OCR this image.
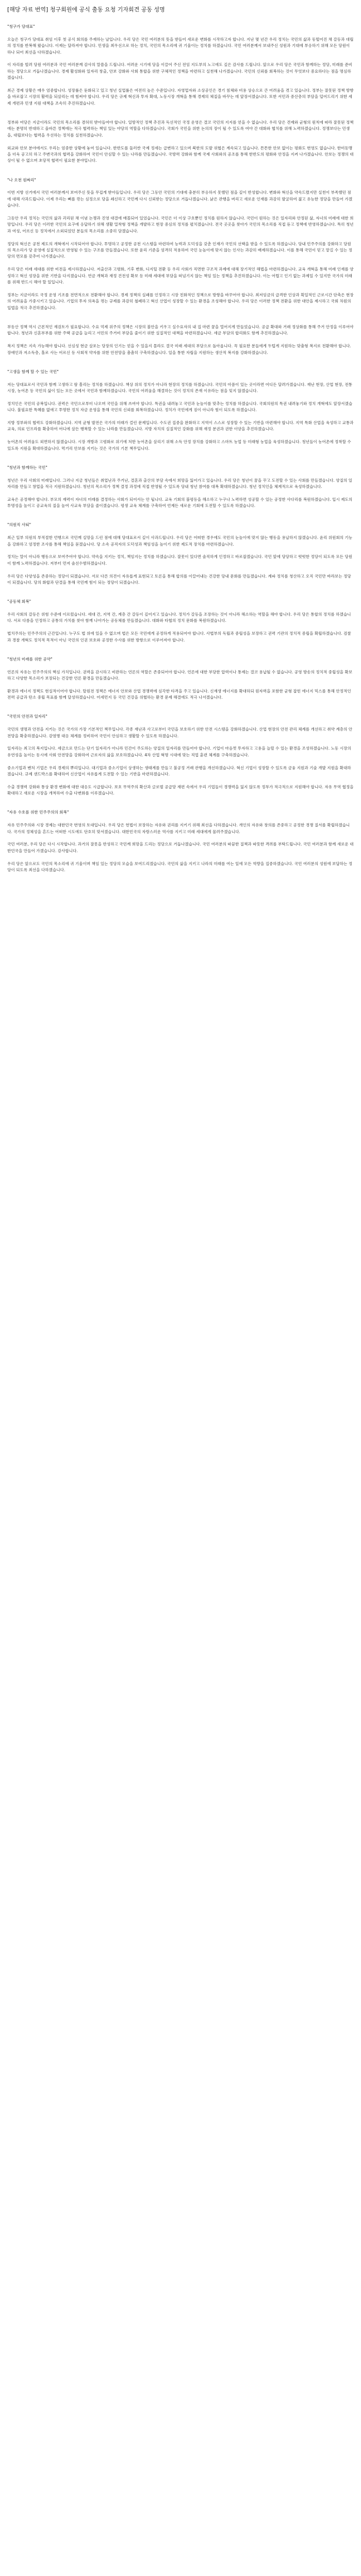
[해당 자료 번역] 청구회원에 공식 출동 요청 기자회견 공동 성명

"청구가 당대표"

오늘은 청구가 당대표 취임 이후 첫 공식 회의를 주재하는 날입니다. 우리 당은 국민 여러분의 뜻을 받들어 새로운 변화를 시작하고자 합니다. 지난 몇 년간 우리 정치는 국민의 삶과 동떨어진 채 갈등과 대립의 정치를 반복해 왔습니다. 이제는 달라져야 합니다. 민생을 최우선으로 하는 정치, 국민의 목소리에 귀 기울이는 정치를 하겠습니다. 국민 여러분께서 보내주신 성원과 기대에 부응하기 위해 모든 당원이 하나 되어 최선을 다하겠습니다.

이 자리를 빌려 당원 여러분과 국민 여러분께 감사의 말씀을 드립니다. 어려운 시기에 당을 이끌어 주신 전임 지도부의 노고에도 깊은 감사를 드립니다. 앞으로 우리 당은 국민과 함께하는 정당, 미래를 준비하는 정당으로 거듭나겠습니다. 경제 활성화와 일자리 창출, 안보 강화와 사회 통합을 위한 구체적인 정책을 마련하고 실천해 나가겠습니다. 국민의 신뢰를 회복하는 것이 무엇보다 중요하다는 점을 명심하겠습니다.

최근 경제 상황은 매우 엄중합니다. 성장률은 둔화되고 있고 청년 실업률은 여전히 높은 수준입니다. 자영업자와 소상공인은 경기 침체와 비용 상승으로 큰 어려움을 겪고 있습니다. 정부는 잘못된 정책 방향을 바로잡고 시장의 활력을 되살리는 데 힘써야 합니다. 우리 당은 규제 혁신과 투자 확대, 노동시장 개혁을 통해 경제의 체질을 바꾸는 데 앞장서겠습니다. 또한 서민과 중산층의 부담을 덜어드리기 위한 세제 개편과 민생 지원 대책을 조속히 추진하겠습니다.

정부와 여당은 지금이라도 국민의 목소리를 겸허히 받아들여야 합니다. 일방적인 정책 추진과 독선적인 국정 운영은 결코 국민의 지지를 얻을 수 없습니다. 우리 당은 견제와 균형의 원칙에 따라 잘못된 정책에는 분명히 반대하고 올바른 정책에는 적극 협력하는 책임 있는 야당의 역할을 다하겠습니다. 국회가 국민을 위한 논의의 장이 될 수 있도록 여야 간 대화와 협치를 위해 노력하겠습니다. 정쟁보다는 민생을, 대립보다는 협력을 우선하는 정치를 실천하겠습니다.

외교와 안보 분야에서도 우리는 엄중한 상황에 놓여 있습니다. 한반도를 둘러싼 국제 정세는 급변하고 있으며 북한의 도발 위협은 계속되고 있습니다. 튼튼한 안보 없이는 평화도 번영도 없습니다. 한미동맹을 더욱 공고히 하고 주변국과의 협력을 강화하여 국민이 안심할 수 있는 나라를 만들겠습니다. 국방력 강화와 함께 국제 사회와의 공조를 통해 한반도의 평화와 안정을 지켜 나가겠습니다. 안보는 정쟁의 대상이 될 수 없으며 초당적 협력이 필요한 분야입니다.

"나 오천 원짜리"

이번 지방 선거에서 국민 여러분께서 보여주신 뜻을 무겁게 받아들입니다. 우리 당은 그동안 국민의 기대에 충분히 부응하지 못했던 점을 깊이 반성합니다. 변화와 혁신을 약속드렸지만 실천이 부족했던 점에 대해 사과드립니다. 이제 우리는 뼈를 깎는 심정으로 당을 쇄신하고 국민께 다시 신뢰받는 정당으로 거듭나겠습니다. 낡은 관행을 버리고 새로운 인재를 과감히 발굴하여 젊고 유능한 정당을 만들어 가겠습니다.

그동안 우리 정치는 국민의 삶과 괴리된 채 이념 논쟁과 진영 대결에 매몰되어 있었습니다. 국민은 더 이상 구호뿐인 정치를 원하지 않습니다. 국민이 원하는 것은 일자리와 안정된 삶, 자녀의 미래에 대한 희망입니다. 우리 당은 이러한 국민의 요구에 응답하기 위해 생활 밀착형 정책을 개발하고 현장 중심의 정치를 펼치겠습니다. 전국 곳곳을 찾아가 국민의 목소리를 직접 듣고 정책에 반영하겠습니다. 특히 청년과 여성, 어르신 등 정치에서 소외되었던 분들의 목소리를 소중히 담겠습니다.

정당의 혁신은 공천 제도의 개혁에서 시작되어야 합니다. 투명하고 공정한 공천 시스템을 마련하여 능력과 도덕성을 갖춘 인재가 국민의 선택을 받을 수 있도록 하겠습니다. 당내 민주주의를 강화하고 당원의 목소리가 당 운영에 실질적으로 반영될 수 있는 구조를 만들겠습니다. 또한 윤리 기준을 엄격히 적용하여 국민 눈높이에 맞지 않는 인사는 과감히 배제하겠습니다. 이를 통해 국민이 믿고 맡길 수 있는 정당의 면모를 갖추어 나가겠습니다.

우리 당은 미래 세대를 위한 비전을 제시하겠습니다. 저출산과 고령화, 기후 변화, 디지털 전환 등 우리 사회가 직면한 구조적 과제에 대해 장기적인 해법을 마련하겠습니다. 교육 개혁을 통해 미래 인재를 양성하고 혁신 성장을 위한 기반을 다지겠습니다. 연금 개혁과 재정 건전성 확보 등 미래 세대에 부담을 떠넘기지 않는 책임 있는 정책을 추진하겠습니다. 이는 어렵고 인기 없는 과제일 수 있지만 국가의 미래를 위해 반드시 해야 할 일입니다.

정부는 지금이라도 국정 운영 기조를 전면적으로 전환해야 합니다. 경제 정책의 실패를 인정하고 시장 친화적인 정책으로 방향을 바꾸어야 합니다. 최저임금의 급격한 인상과 획일적인 근로시간 단축은 현장의 어려움을 가중시키고 있습니다. 기업의 투자 의욕을 꺾는 규제를 과감히 철폐하고 혁신 산업이 성장할 수 있는 환경을 조성해야 합니다. 우리 당은 이러한 정책 전환을 위한 대안을 제시하고 국회 차원의 입법을 적극 추진하겠습니다.

부동산 정책 역시 근본적인 재검토가 필요합니다. 수요 억제 위주의 정책은 시장의 불안을 키우고 실수요자의 내 집 마련 꿈을 멀어지게 만들었습니다. 공급 확대와 거래 정상화를 통해 주거 안정을 이루어야 합니다. 청년과 신혼부부를 위한 주택 공급을 늘리고 서민의 주거비 부담을 줄이기 위한 실질적인 대책을 마련하겠습니다. 세금 부담의 합리화도 함께 추진하겠습니다.

복지 정책은 지속 가능해야 합니다. 선심성 현금 살포는 당장의 인기는 얻을 수 있을지 몰라도 결국 미래 세대의 부담으로 돌아옵니다. 꼭 필요한 분들에게 두텁게 지원하는 맞춤형 복지로 전환해야 합니다. 장애인과 저소득층, 홀로 사는 어르신 등 사회적 약자를 위한 안전망을 촘촘히 구축하겠습니다. 일을 통한 자립을 지원하는 생산적 복지를 강화하겠습니다.

"고생을 함께 할 수 있는 국민"

저는 당대표로서 국민과 함께 고생하고 땀 흘리는 정치를 하겠습니다. 책상 위의 정치가 아니라 현장의 정치를 하겠습니다. 국민의 아픔이 있는 곳이라면 어디든 달려가겠습니다. 재난 현장, 산업 현장, 전통 시장, 농어촌 등 국민의 삶이 있는 모든 곳에서 국민과 함께하겠습니다. 국민의 어려움을 해결하는 것이 정치의 존재 이유라는 점을 잊지 않겠습니다.

정치인은 국민의 공복입니다. 권력은 국민으로부터 나오며 국민을 위해 쓰여야 합니다. 특권을 내려놓고 국민과 눈높이를 맞추는 정치를 하겠습니다. 국회의원의 특권 내려놓기와 정치 개혁에도 앞장서겠습니다. 불필요한 특혜를 없애고 투명한 정치 자금 운영을 통해 국민의 신뢰를 회복하겠습니다. 정치가 국민에게 짐이 아니라 힘이 되도록 하겠습니다.

지방 정부와의 협력도 강화하겠습니다. 지역 균형 발전은 국가의 미래가 걸린 문제입니다. 수도권 집중을 완화하고 지역이 스스로 성장할 수 있는 기반을 마련해야 합니다. 지역 특화 산업을 육성하고 교통과 교육, 의료 인프라를 확충하여 어디에 살든 행복할 수 있는 나라를 만들겠습니다. 지방 자치의 실질적인 강화를 위해 재정 분권과 권한 이양을 추진하겠습니다.

농어촌의 어려움도 외면하지 않겠습니다. 시장 개방과 고령화로 위기에 처한 농어촌을 살리기 위해 소득 안정 장치를 강화하고 스마트 농업 등 미래형 농업을 육성하겠습니다. 청년들이 농어촌에 정착할 수 있도록 지원을 확대하겠습니다. 먹거리 안보를 지키는 것은 국가의 기본 책무입니다.

"청년과 함께하는 국민"

청년은 우리 사회의 미래입니다. 그러나 지금 청년들은 취업난과 주거난, 결혼과 출산의 부담 속에서 희망을 잃어가고 있습니다. 우리 당은 청년이 꿈을 꾸고 도전할 수 있는 사회를 만들겠습니다. 양질의 일자리를 만들고 창업을 적극 지원하겠습니다. 청년의 목소리가 정책 결정 과정에 직접 반영될 수 있도록 당내 청년 참여를 대폭 확대하겠습니다. 청년 정치인을 체계적으로 육성하겠습니다.

교육은 공정해야 합니다. 부모의 재력이 자녀의 미래를 결정하는 사회가 되어서는 안 됩니다. 교육 기회의 불평등을 해소하고 누구나 노력하면 성공할 수 있는 공정한 사다리를 복원하겠습니다. 입시 제도의 투명성을 높이고 공교육의 질을 높여 사교육 부담을 줄이겠습니다. 평생 교육 체계를 구축하여 언제든 새로운 기회에 도전할 수 있도록 하겠습니다.

"의원직 사퇴"

최근 일부 의원의 부적절한 언행으로 국민께 실망을 드린 점에 대해 당대표로서 깊이 사과드립니다. 우리 당은 어떠한 경우에도 국민의 눈높이에 맞지 않는 행동을 용납하지 않겠습니다. 윤리 위원회의 기능을 강화하고 엄정한 조사를 통해 책임을 묻겠습니다. 당 소속 공직자의 도덕성과 책임성을 높이기 위한 제도적 장치를 마련하겠습니다.

정치는 말이 아니라 행동으로 보여주어야 합니다. 약속을 지키는 정치, 책임지는 정치를 하겠습니다. 잘못이 있다면 솔직하게 인정하고 바로잡겠습니다. 국민 앞에 당당하고 떳떳한 정당이 되도록 모든 당원이 함께 노력하겠습니다. 저부터 먼저 솔선수범하겠습니다.

우리 당은 다양성을 존중하는 정당이 되겠습니다. 서로 다른 의견이 자유롭게 표현되고 토론을 통해 합의를 이끌어내는 건강한 당내 문화를 만들겠습니다. 계파 정치를 청산하고 오직 국민만 바라보는 정당이 되겠습니다. 당의 화합과 단결을 통해 국민께 힘이 되는 정당이 되겠습니다.

"공동체 회복"

우리 사회의 갈등은 위험 수준에 이르렀습니다. 세대 간, 지역 간, 계층 간 갈등이 깊어지고 있습니다. 정치가 갈등을 조장하는 것이 아니라 해소하는 역할을 해야 합니다. 우리 당은 통합의 정치를 하겠습니다. 서로 다름을 인정하고 공통의 가치를 찾아 함께 나아가는 공동체를 만들겠습니다. 대화와 타협의 정치 문화를 복원하겠습니다.

법치주의는 민주주의의 근간입니다. 누구도 법 위에 있을 수 없으며 법은 모든 국민에게 공정하게 적용되어야 합니다. 사법부의 독립과 중립성을 보장하고 권력 기관의 정치적 중립을 확립하겠습니다. 검찰과 경찰 개혁도 정치적 목적이 아닌 국민의 인권 보호와 공정한 수사를 위한 방향으로 이루어져야 합니다.

"청년의 미래를 위한 공약"

언론의 자유는 민주주의의 핵심 가치입니다. 권력을 감시하고 비판하는 언론의 역할은 존중되어야 합니다. 언론에 대한 부당한 압력이나 통제는 결코 용납될 수 없습니다. 공영 방송의 정치적 중립성을 확보하고 다양한 목소리가 보장되는 건강한 언론 환경을 만들겠습니다.

환경과 에너지 정책도 현실적이어야 합니다. 탈원전 정책은 에너지 안보와 산업 경쟁력에 심각한 타격을 주고 있습니다. 신재생 에너지를 확대하되 원자력을 포함한 균형 잡힌 에너지 믹스를 통해 안정적인 전력 공급과 탄소 중립 목표를 함께 달성하겠습니다. 미세먼지 등 국민 건강을 위협하는 환경 문제 해결에도 적극 나서겠습니다.

"국민의 안전과 일자리"

국민의 생명과 안전을 지키는 것은 국가의 가장 기본적인 책무입니다. 각종 재난과 사고로부터 국민을 보호하기 위한 안전 시스템을 강화하겠습니다. 산업 현장의 안전 관리 체계를 개선하고 취약 계층의 안전망을 확충하겠습니다. 감염병 대응 체계를 정비하여 국민이 안심하고 생활할 수 있도록 하겠습니다.

일자리는 최고의 복지입니다. 세금으로 만드는 단기 일자리가 아니라 민간이 주도하는 양질의 일자리를 만들어야 합니다. 기업이 마음껏 투자하고 고용을 늘릴 수 있는 환경을 조성하겠습니다. 노동 시장의 유연성을 높이는 동시에 사회 안전망을 강화하여 근로자의 삶을 보호하겠습니다. 4차 산업 혁명 시대에 맞는 직업 훈련 체계를 구축하겠습니다.

중소기업과 벤처 기업은 우리 경제의 뿌리입니다. 대기업과 중소기업이 상생하는 생태계를 만들고 불공정 거래 관행을 개선하겠습니다. 혁신 기업이 성장할 수 있도록 금융 지원과 기술 개발 지원을 확대하겠습니다. 규제 샌드박스를 확대하여 신산업이 자유롭게 도전할 수 있는 기반을 마련하겠습니다.

수출 경쟁력 강화와 통상 환경 변화에 대한 대응도 시급합니다. 보호 무역주의 확산과 글로벌 공급망 재편 속에서 우리 기업들이 경쟁력을 잃지 않도록 정부가 적극적으로 지원해야 합니다. 자유 무역 협정을 확대하고 새로운 시장을 개척하여 수출 다변화를 이루겠습니다.

"자유 수호를 위한 민주주의의 회복"

자유 민주주의와 시장 경제는 대한민국 번영의 토대입니다. 우리 당은 헌법이 보장하는 자유와 권리를 지키기 위해 최선을 다하겠습니다. 개인의 자유와 창의를 존중하고 공정한 경쟁 질서를 확립하겠습니다. 국가의 정체성을 흔드는 어떠한 시도에도 단호히 맞서겠습니다. 대한민국의 자랑스러운 역사를 지키고 미래 세대에게 물려주겠습니다.

국민 여러분, 우리 당은 다시 시작합니다. 과거의 잘못을 반성하고 국민께 희망을 드리는 정당으로 거듭나겠습니다. 국민 여러분의 따끔한 질책과 따뜻한 격려를 부탁드립니다. 국민 여러분과 함께 새로운 대한민국을 만들어 가겠습니다. 감사합니다.

우리 당은 앞으로도 국민의 목소리에 귀 기울이며 책임 있는 정당의 모습을 보여드리겠습니다. 국민의 삶을 지키고 나라의 미래를 여는 일에 모든 역량을 집중하겠습니다. 국민 여러분의 성원에 보답하는 정당이 되도록 최선을 다하겠습니다.
